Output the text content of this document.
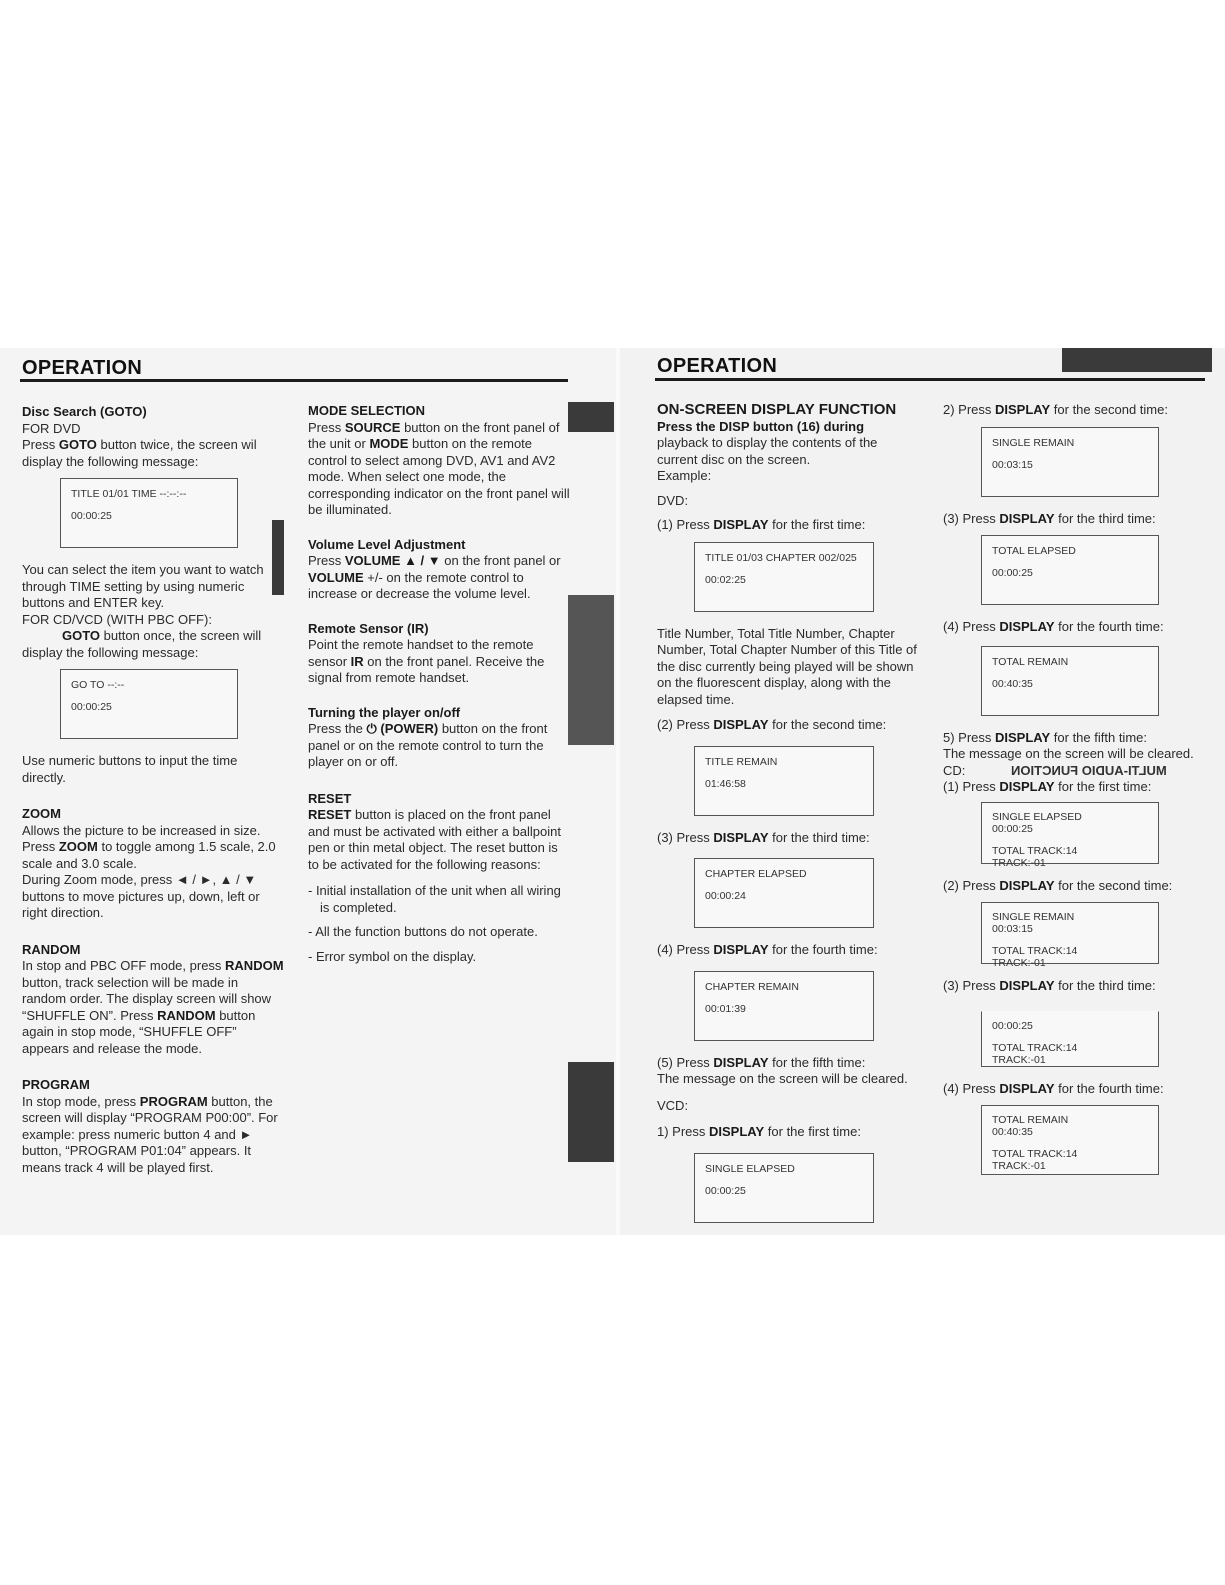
OPERATION	OPERATION

Disc Search (GOTO)

FOR DVD

Press GOTO button twice, the screen wil display the following message:

TITLE 01/01 TIME --:--:--
00:00:25

You can select the item you want to watch through TIME setting by using numeric buttons and ENTER key.

FOR CD/VCD (WITH PBC OFF):

GOTO button once, the screen will display the following message:

GO TO --:--
00:00:25

Use numeric buttons to input the time directly.

ZOOM

Allows the picture to be increased in size. Press ZOOM to toggle among 1.5 scale, 2.0 scale and 3.0 scale.

During Zoom mode, press ◄ / ►, ▲ / ▼ buttons to move pictures up, down, left or right direction.

RANDOM

In stop and PBC OFF mode, press RANDOM button, track selection will be made in random order. The display screen will show “SHUFFLE ON”. Press RANDOM button again in stop mode, “SHUFFLE OFF” appears and release the mode.

PROGRAM

In stop mode, press PROGRAM button, the screen will display “PROGRAM P00:00”. For example: press numeric button 4 and ► button, “PROGRAM P01:04” appears. It means track 4 will be played first.

MODE SELECTION

Press SOURCE button on the front panel of the unit or MODE button on the remote control to select among DVD, AV1 and AV2 mode. When select one mode, the corresponding indicator on the front panel will be illuminated.

Volume Level Adjustment

Press VOLUME ▲ / ▼ on the front panel or VOLUME +/- on the remote control to increase or decrease the volume level.

Remote Sensor (IR)

Point the remote handset to the remote sensor IR on the front panel. Receive the signal from remote handset.

Turning the player on/off

Press the ⏻ (POWER) button on the front panel or on the remote control to turn the player on or off.

RESET

RESET button is placed on the front panel and must be activated with either a ballpoint pen or thin metal object. The reset button is to be activated for the following reasons:

- Initial installation of the unit when all wiring is completed.
- All the function buttons do not operate.
- Error symbol on the display.

ON-SCREEN DISPLAY FUNCTION

Press the DISP button (16) during

playback to display the contents of the current disc on the screen.

Example:

DVD:

(1) Press DISPLAY for the first time:

TITLE 01/03 CHAPTER 002/025
00:02:25

Title Number, Total Title Number, Chapter Number, Total Chapter Number of this Title of the disc currently being played will be shown on the fluorescent display, along with the elapsed time.

(2) Press DISPLAY for the second time:

TITLE REMAIN
01:46:58

(3) Press DISPLAY for the third time:

CHAPTER ELAPSED
00:00:24

(4) Press DISPLAY for the fourth time:

CHAPTER REMAIN
00:01:39

(5) Press DISPLAY for the fifth time:

The message on the screen will be cleared.

VCD:

1) Press DISPLAY for the first time:

SINGLE ELAPSED
00:00:25

2) Press DISPLAY for the second time:

SINGLE REMAIN
00:03:15

(3) Press DISPLAY for the third time:

TOTAL ELAPSED
00:00:25

(4) Press DISPLAY for the fourth time:

TOTAL REMAIN
00:40:35

5) Press DISPLAY for the fifth time:

The message on the screen will be cleared.

CD:	MULTI-AUDIO FUNCTION

(1) Press DISPLAY for the first time:

SINGLE ELAPSED
00:00:25
TOTAL TRACK:14
TRACK:-01

(2) Press DISPLAY for the second time:

SINGLE REMAIN
00:03:15
TOTAL TRACK:14
TRACK:-01

(3) Press DISPLAY for the third time:

00:00:25
TOTAL TRACK:14
TRACK:-01

(4) Press DISPLAY for the fourth time:

TOTAL REMAIN
00:40:35
TOTAL TRACK:14
TRACK:-01
